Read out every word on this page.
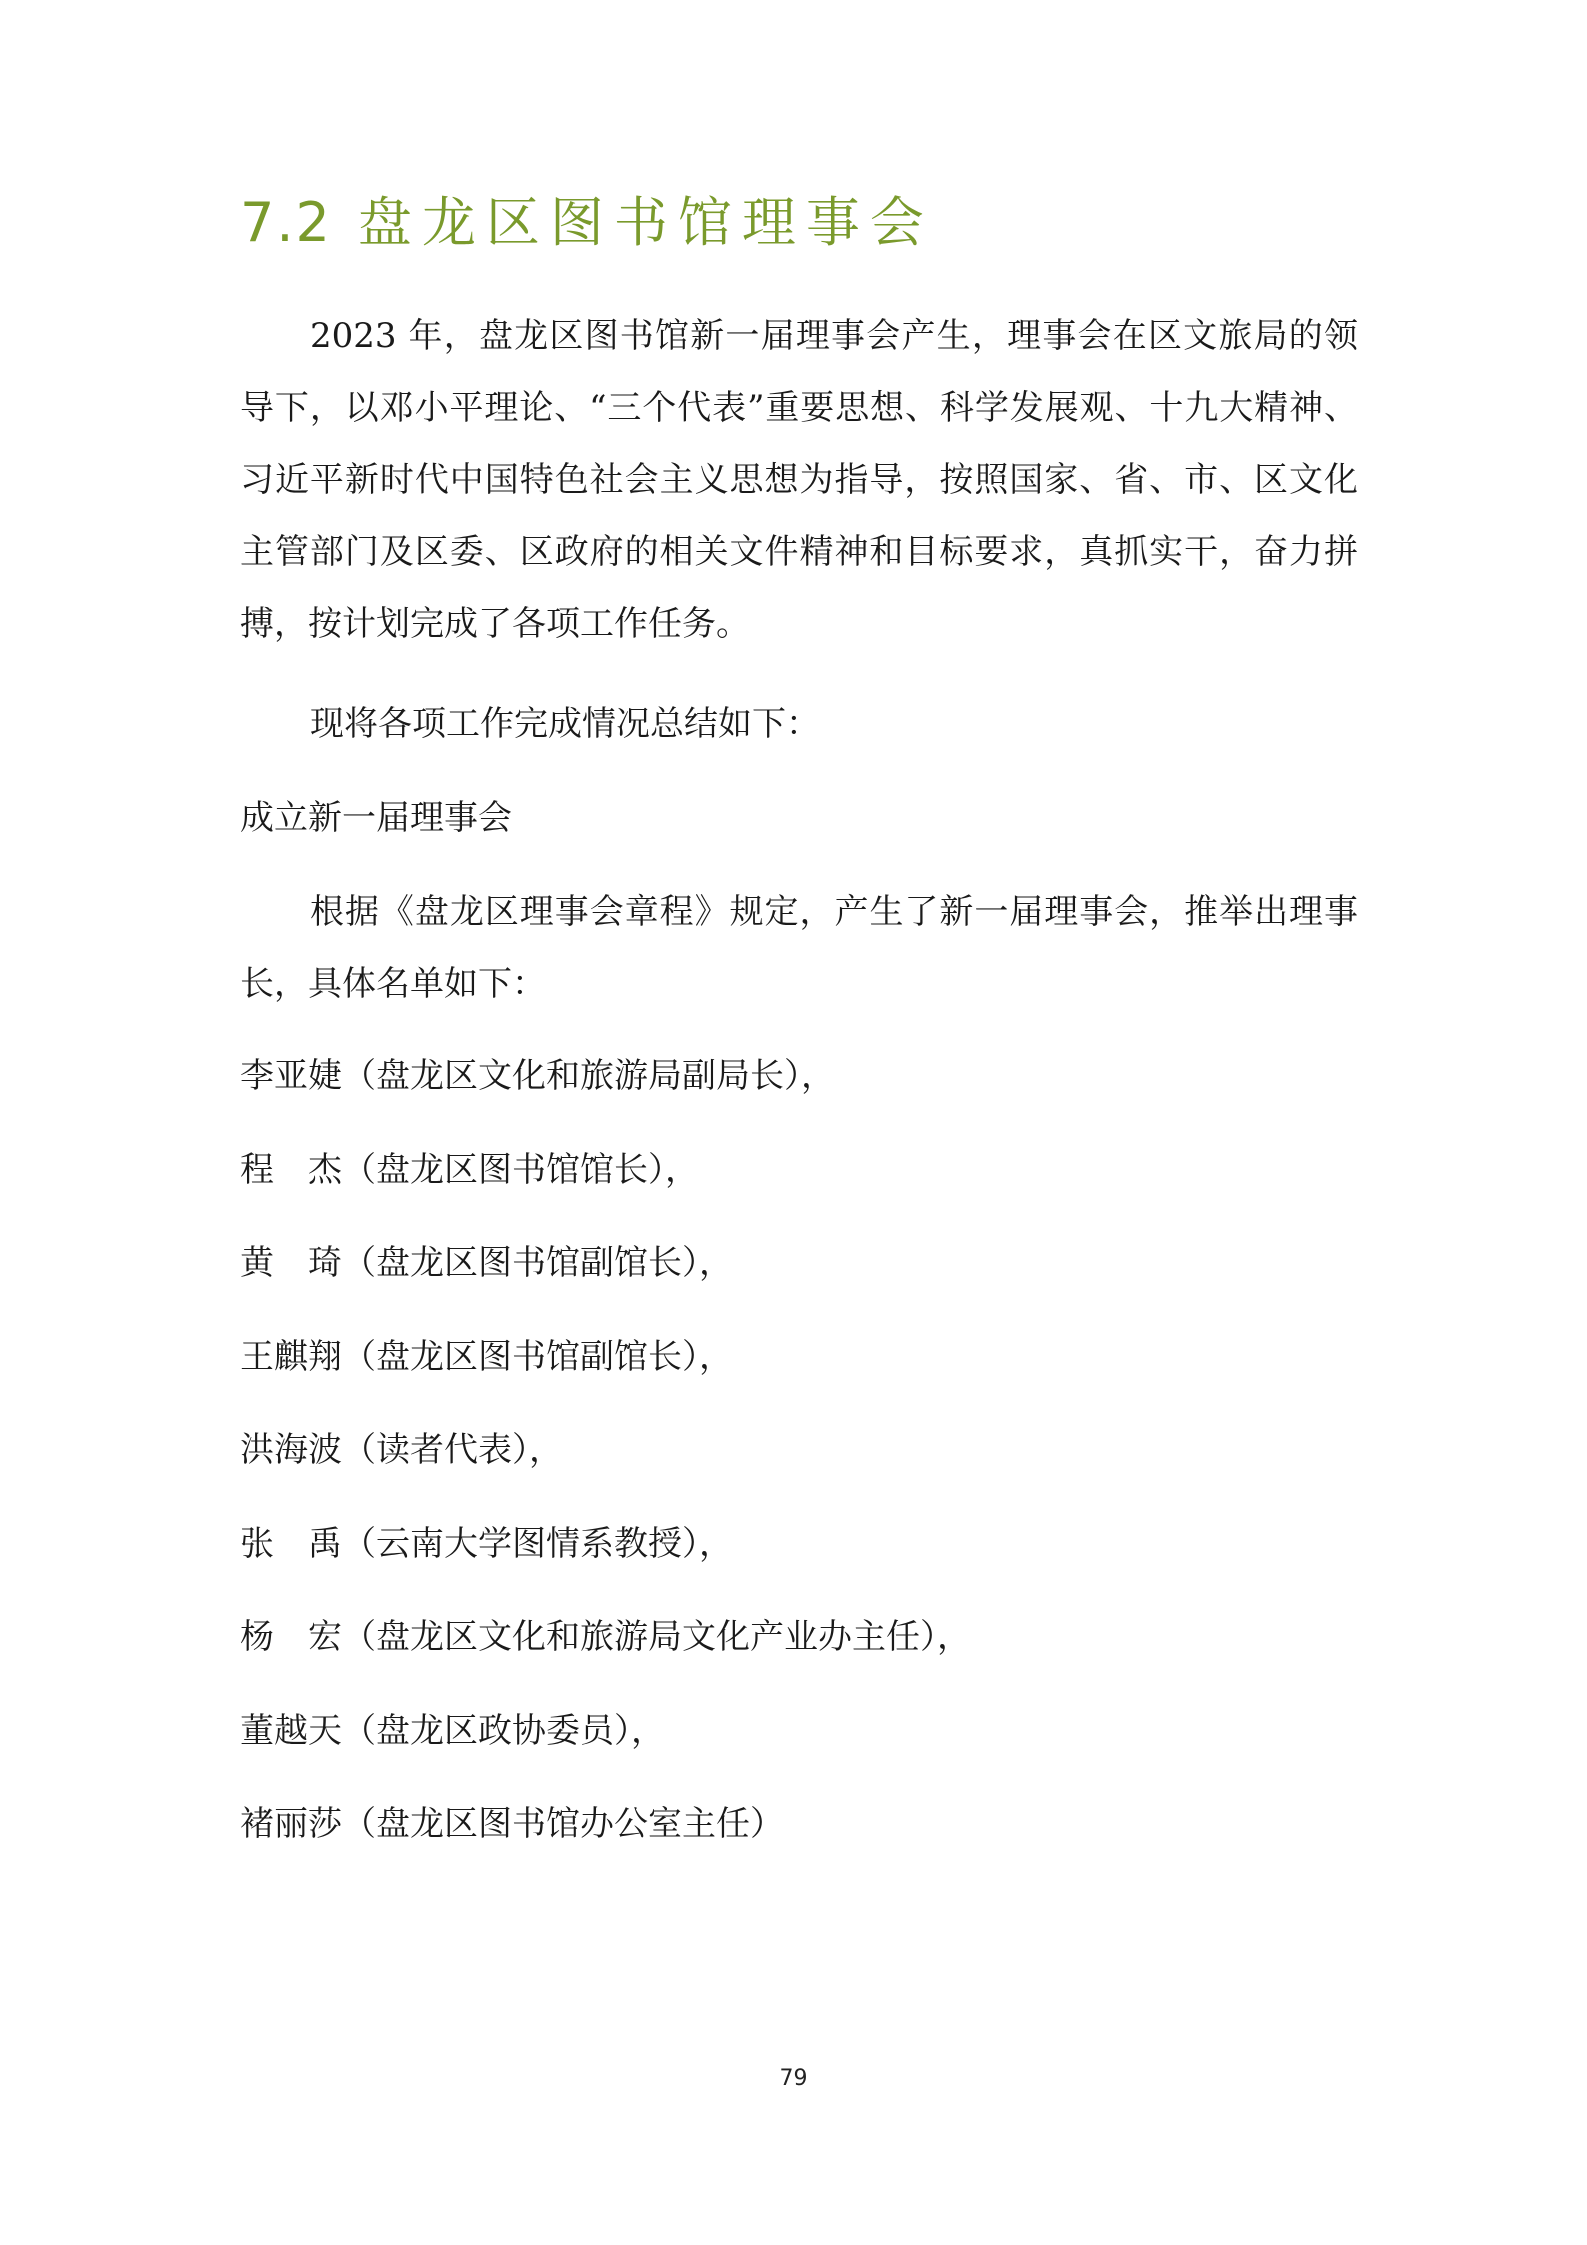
7.2 盘龙区图书馆理事会

2023 年，盘龙区图书馆新一届理事会产生，理事会在区文旅局的领导下，以邓小平理论、“三个代表”重要思想、科学发展观、十九大精神、习近平新时代中国特色社会主义思想为指导，按照国家、省、市、区文化主管部门及区委、区政府的相关文件精神和目标要求，真抓实干，奋力拼搏，按计划完成了各项工作任务。

现将各项工作完成情况总结如下：

成立新一届理事会

根据《盘龙区理事会章程》规定，产生了新一届理事会，推举出理事长，具体名单如下：

李亚婕（盘龙区文化和旅游局副局长），
程　杰（盘龙区图书馆馆长），
黄　琦（盘龙区图书馆副馆长），
王麒翔（盘龙区图书馆副馆长），
洪海波（读者代表），
张　禹（云南大学图情系教授），
杨　宏（盘龙区文化和旅游局文化产业办主任），
董越天（盘龙区政协委员），
褚丽莎（盘龙区图书馆办公室主任）
79
